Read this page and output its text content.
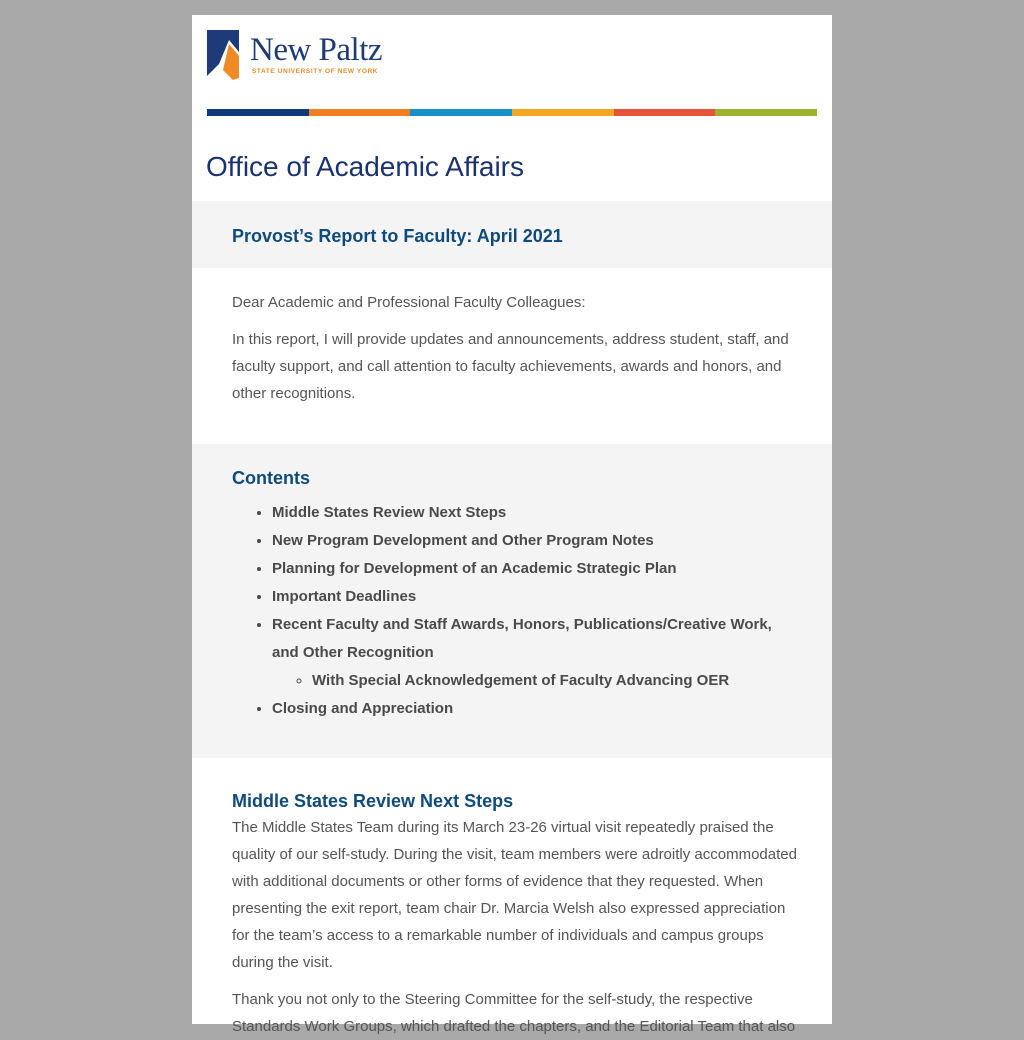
New Paltz
STATE UNIVERSITY OF NEW YORK
Office of Academic Affairs
Provost’s Report to Faculty: April 2021

Dear Academic and Professional Faculty Colleagues:

In this report, I will provide updates and announcements, address student, staff, and faculty support, and call attention to faculty achievements, awards and honors, and other recognitions.

Contents
• Middle States Review Next Steps
• New Program Development and Other Program Notes
• Planning for Development of an Academic Strategic Plan
• Important Deadlines
• Recent Faculty and Staff Awards, Honors, Publications/Creative Work, and Other Recognition
◦ With Special Acknowledgement of Faculty Advancing OER
• Closing and Appreciation
Middle States Review Next Steps

The Middle States Team during its March 23-26 virtual visit repeatedly praised the quality of our self-study. During the visit, team members were adroitly accommodated with additional documents or other forms of evidence that they requested. When presenting the exit report, team chair Dr. Marcia Welsh also expressed appreciation for the team’s access to a remarkable number of individuals and campus groups during the visit.

Thank you not only to the Steering Committee for the self-study, the respective Standards Work Groups, which drafted the chapters, and the Editorial Team that also
